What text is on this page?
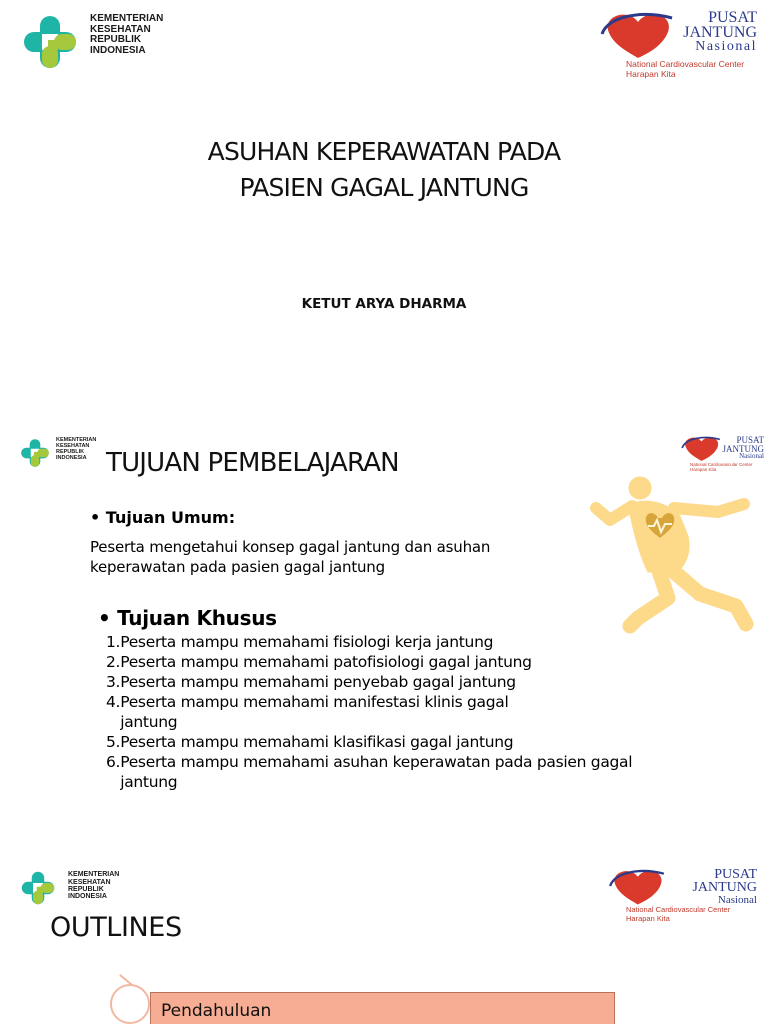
KEMENTERIAN
KESEHATAN
REPUBLIK
INDONESIA
PUSAT
JANTUNG
Nasional
National Cardiovascular Center
Harapan Kita
ASUHAN KEPERAWATAN PADA
PASIEN GAGAL JANTUNG
KETUT ARYA DHARMA
KEMENTERIAN
KESEHATAN
REPUBLIK
INDONESIA
PUSAT
JANTUNG
Nasional
National Cardiovascular Center
Harapan Kita
TUJUAN PEMBELAJARAN
• Tujuan Umum:
Peserta mengetahui konsep gagal jantung dan asuhan keperawatan pada pasien gagal jantung
• Tujuan Khusus
1. Peserta mampu memahami fisiologi kerja jantung
2. Peserta mampu memahami patofisiologi gagal jantung
3. Peserta mampu memahami penyebab gagal jantung
4. Peserta mampu memahami manifestasi klinis gagal jantung
5. Peserta mampu memahami klasifikasi gagal jantung
6. Peserta mampu memahami asuhan keperawatan pada pasien gagal jantung
KEMENTERIAN
KESEHATAN
REPUBLIK
INDONESIA
PUSAT
JANTUNG
Nasional
National Cardiovascular Center
Harapan Kita
OUTLINES
Pendahuluan
